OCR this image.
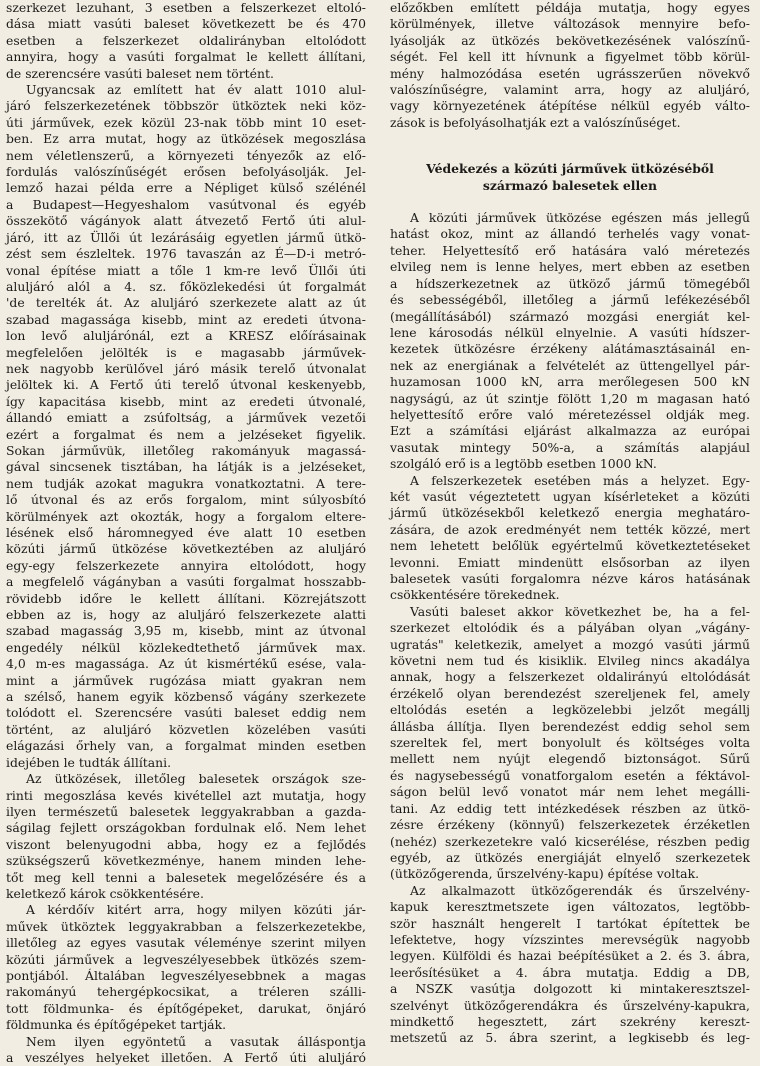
szerkezet lezuhant, 3 esetben a felszerkezet eltoló-
dása miatt vasúti baleset következett be és 470
esetben a felszerkezet oldalirányban eltolódott
annyira, hogy a vasúti forgalmat le kellett állítani,
de szerencsére vasúti baleset nem történt.
Ugyancsak az említett hat év alatt 1010 alul-
járó felszerkezetének többször ütköztek neki köz-
úti járművek, ezek közül 23-nak több mint 10 eset-
ben. Ez arra mutat, hogy az ütközések megoszlása
nem véletlenszerű, a környezeti tényezők az elő-
fordulás valószínűségét erősen befolyásolják. Jel-
lemző hazai példa erre a Népliget külső szélénél
a Budapest—Hegyeshalom vasútvonal és egyéb
összekötő vágányok alatt átvezető Fertő úti alul-
járó, itt az Üllői út lezárásáig egyetlen jármű ütkö-
zést sem észleltek. 1976 tavaszán az É—D-i metró-
vonal építése miatt a tőle 1 km-re levő Üllői úti
aluljáró alól a 4. sz. főközlekedési út forgalmát
'de terelték át. Az aluljáró szerkezete alatt az út
szabad magassága kisebb, mint az eredeti útvona-
lon levő aluljárónál, ezt a KRESZ előírásainak
megfelelően jelölték is e magasabb járművek-
nek nagyobb kerülővel járó másik terelő útvonalat
jelöltek ki. A Fertő úti terelő útvonal keskenyebb,
így kapacitása kisebb, mint az eredeti útvonalé,
állandó emiatt a zsúfoltság, a járművek vezetői
ezért a forgalmat és nem a jelzéseket figyelik.
Sokan járművük, illetőleg rakományuk magassá-
gával sincsenek tisztában, ha látják is a jelzéseket,
nem tudják azokat magukra vonatkoztatni. A tere-
lő útvonal és az erős forgalom, mint súlyosbító
körülmények azt okozták, hogy a forgalom eltere-
lésének első háromnegyed éve alatt 10 esetben
közúti jármű ütközése következtében az aluljáró
egy-egy felszerkezete annyira eltolódott, hogy
a megfelelő vágányban a vasúti forgalmat hosszabb-
rövidebb időre le kellett állítani. Közrejátszott
ebben az is, hogy az aluljáró felszerkezete alatti
szabad magasság 3,95 m, kisebb, mint az útvonal
engedély nélkül közlekedtethető járművek max.
4,0 m-es magassága. Az út kismértékű esése, vala-
mint a járművek rugózása miatt gyakran nem
a szélső, hanem egyik közbenső vágány szerkezete
tolódott el. Szerencsére vasúti baleset eddig nem
történt, az aluljáró közvetlen közelében vasúti
elágazási őrhely van, a forgalmat minden esetben
idejében le tudták állítani.
Az ütközések, illetőleg balesetek országok sze-
rinti megoszlása kevés kivétellel azt mutatja, hogy
ilyen természetű balesetek leggyakrabban a gazda-
ságilag fejlett országokban fordulnak elő. Nem lehet
viszont belenyugodni abba, hogy ez a fejlődés
szükségszerű következménye, hanem minden lehe-
tőt meg kell tenni a balesetek megelőzésére és a
keletkező károk csökkentésére.
A kérdőív kitért arra, hogy milyen közúti jár-
művek ütköztek leggyakrabban a felszerkezetekbe,
illetőleg az egyes vasutak véleménye szerint milyen
közúti járművek a legveszélyesebbek ütközés szem-
pontjából. Általában legveszélyesebbnek a magas
rakományú tehergépkocsikat, a tréleren szálli-
tott földmunka- és építőgépeket, darukat, önjáró
földmunka és építőgépeket tartják.
Nem ilyen egyöntetű a vasutak álláspontja
a veszélyes helyeket illetően. A Fertő úti aluljáró
előzőkben említett példája mutatja, hogy egyes
körülmények, illetve változások mennyire befo-
lyásolják az ütközés bekövetkezésének valószínű-
ségét. Fel kell itt hívnunk a figyelmet több körül-
mény halmozódása esetén ugrásszerűen növekvő
valószínűségre, valamint arra, hogy az aluljáró,
vagy környezetének átépítése nélkül egyéb válto-
zások is befolyásolhatják ezt a valószínűséget.
Védekezés a közúti járművek ütközéséből
származó balesetek ellen
A közúti járművek ütközése egészen más jellegű
hatást okoz, mint az állandó terhelés vagy vonat-
teher. Helyettesítő erő hatására való méretezés
elvileg nem is lenne helyes, mert ebben az esetben
a hídszerkezetnek az ütköző jármű tömegéből
és sebességéből, illetőleg a jármű lefékezéséből
(megállításából) származó mozgási energiát kel-
lene károsodás nélkül elnyelnie. A vasúti hídszer-
kezetek ütközésre érzékeny alátámasztásainál en-
nek az energiának a felvételét az üttengellyel pár-
huzamosan 1000 kN, arra merőlegesen 500 kN
nagyságú, az út szintje fölött 1,20 m magasan ható
helyettesítő erőre való méretezéssel oldják meg.
Ezt a számítási eljárást alkalmazza az európai
vasutak mintegy 50%-a, a számítás alapjául
szolgáló erő is a legtöbb esetben 1000 kN.
A felszerkezetek esetében más a helyzet. Egy-
két vasút végeztetett ugyan kísérleteket a közúti
jármű ütközésekből keletkező energia meghatáro-
zására, de azok eredményét nem tették közzé, mert
nem lehetett belőlük egyértelmű következtetéseket
levonni. Emiatt mindenütt elsősorban az ilyen
balesetek vasúti forgalomra nézve káros hatásának
csökkentésére törekednek.
Vasúti baleset akkor következhet be, ha a fel-
szerkezet eltolódik és a pályában olyan „vágány-
ugratás" keletkezik, amelyet a mozgó vasúti jármű
követni nem tud és kisiklik. Elvileg nincs akadálya
annak, hogy a felszerkezet oldalirányú eltolódását
érzékelő olyan berendezést szereljenek fel, amely
eltolódás esetén a legközelebbi jelzőt megállj
állásba állítja. Ilyen berendezést eddig sehol sem
szereltek fel, mert bonyolult és költséges volta
mellett nem nyújt elegendő biztonságot. Sűrű
és nagysebességű vonatforgalom esetén a féktávol-
ságon belül levő vonatot már nem lehet megálli-
tani. Az eddig tett intézkedések részben az ütkö-
zésre érzékeny (könnyű) felszerkezetek érzéketlen
(nehéz) szerkezetekre való kicserélése, részben pedig
egyéb, az ütközés energiáját elnyelő szerkezetek
(ütközőgerenda, űrszelvény-kapu) építése voltak.
Az alkalmazott ütközőgerendák és űrszelvény-
kapuk keresztmetszete igen változatos, legtöbb-
ször használt hengerelt I tartókat építettek be
lefektetve, hogy vízszintes merevségük nagyobb
legyen. Külföldi és hazai beépítésüket a 2. és 3. ábra,
leerősítésüket a 4. ábra mutatja. Eddig a DB,
a NSZK vasútja dolgozott ki mintakeresztszel-
szelvényt ütközőgerendákra és űrszelvény-kapukra,
mindkettő hegesztett, zárt szekrény kereszt-
metszetű az 5. ábra szerint, a legkisebb és leg-
